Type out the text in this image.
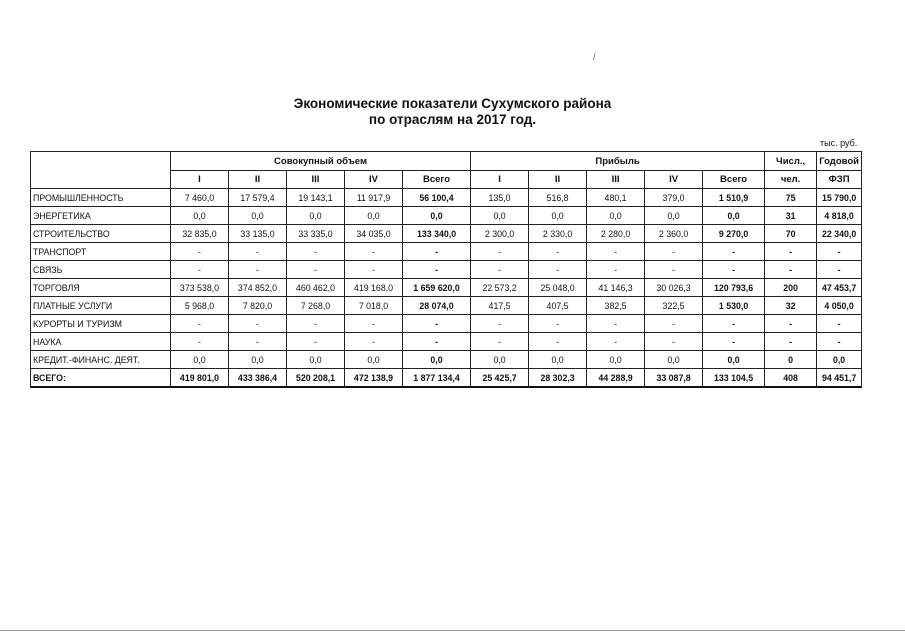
/
Экономические показатели Сухумского района
по отраслям на 2017 год.
тыс. руб.
	Совокупный объем					Прибыль					Числ.,	Годовой
	I	II	III	IV	Всего	I	II	III	IV	Всего	чел.	ФЗП
ПРОМЫШЛЕННОСТЬ	7 460,0	17 579,4	19 143,1	11 917,9	56 100,4	135,0	516,8	480,1	379,0	1 510,9	75	15 790,0
ЭНЕРГЕТИКА	0,0	0,0	0,0	0,0	0,0	0,0	0,0	0,0	0,0	0,0	31	4 818,0
СТРОИТЕЛЬСТВО	32 835,0	33 135,0	33 335,0	34 035,0	133 340,0	2 300,0	2 330,0	2 280,0	2 360,0	9 270,0	70	22 340,0
ТРАНСПОРТ	-	-	-	-	-	-	-	-	-	-	-	-
СВЯЗЬ	-	-	-	-	-	-	-	-	-	-	-	-
ТОРГОВЛЯ	373 538,0	374 852,0	460 462,0	419 168,0	1 659 620,0	22 573,2	25 048,0	41 146,3	30 026,3	120 793,6	200	47 453,7
ПЛАТНЫЕ УСЛУГИ	5 968,0	7 820,0	7 268,0	7 018,0	28 074,0	417,5	407,5	382,5	322,5	1 530,0	32	4 050,0
КУРОРТЫ И ТУРИЗМ	-	-	-	-	-	-	-	-	-	-	-	-
НАУКА	-	-	-	-	-	-	-	-	-	-	-	-
КРЕДИТ.-ФИНАНС. ДЕЯТ.	0,0	0,0	0,0	0,0	0,0	0,0	0,0	0,0	0,0	0,0	0	0,0
ВСЕГО:	419 801,0	433 386,4	520 208,1	472 138,9	1 877 134,4	25 425,7	28 302,3	44 288,9	33 087,8	133 104,5	408	94 451,7
